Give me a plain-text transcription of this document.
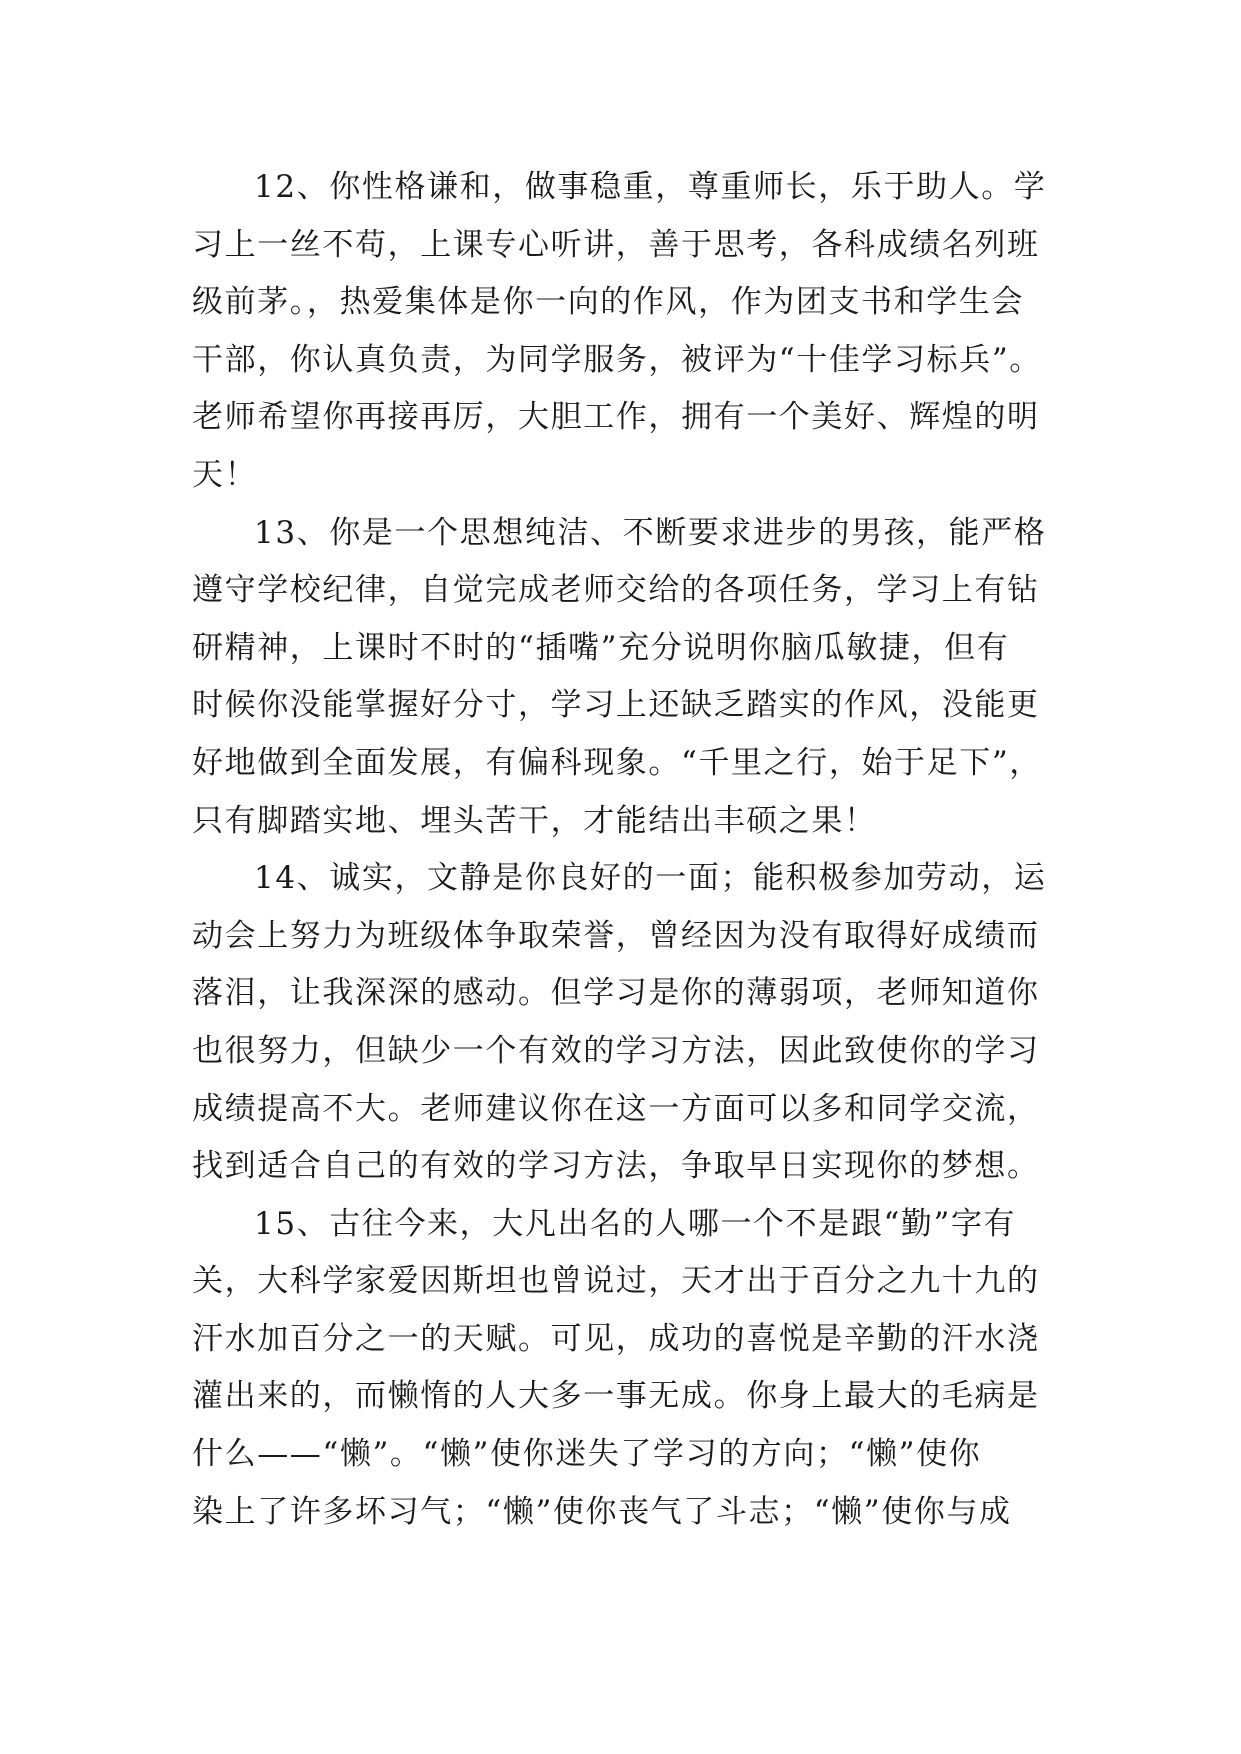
12、你性格谦和，做事稳重，尊重师长，乐于助人。学
习上一丝不苟，上课专心听讲，善于思考，各科成绩名列班
级前茅。，热爱集体是你一向的作风，作为团支书和学生会
干部，你认真负责，为同学服务，被评为“十佳学习标兵”。
老师希望你再接再厉，大胆工作，拥有一个美好、辉煌的明
天！
13、你是一个思想纯洁、不断要求进步的男孩，能严格
遵守学校纪律，自觉完成老师交给的各项任务，学习上有钻
研精神，上课时不时的“插嘴”充分说明你脑瓜敏捷，但有
时候你没能掌握好分寸，学习上还缺乏踏实的作风，没能更
好地做到全面发展，有偏科现象。“千里之行，始于足下”，
只有脚踏实地、埋头苦干，才能结出丰硕之果！
14、诚实，文静是你良好的一面；能积极参加劳动，运
动会上努力为班级体争取荣誉，曾经因为没有取得好成绩而
落泪，让我深深的感动。但学习是你的薄弱项，老师知道你
也很努力，但缺少一个有效的学习方法，因此致使你的学习
成绩提高不大。老师建议你在这一方面可以多和同学交流，
找到适合自己的有效的学习方法，争取早日实现你的梦想。
15、古往今来，大凡出名的人哪一个不是跟“勤”字有
关，大科学家爱因斯坦也曾说过，天才出于百分之九十九的
汗水加百分之一的天赋。可见，成功的喜悦是辛勤的汗水浇
灌出来的，而懒惰的人大多一事无成。你身上最大的毛病是
什么——“懒”。“懒”使你迷失了学习的方向；“懒”使你
染上了许多坏习气；“懒”使你丧气了斗志；“懒”使你与成
